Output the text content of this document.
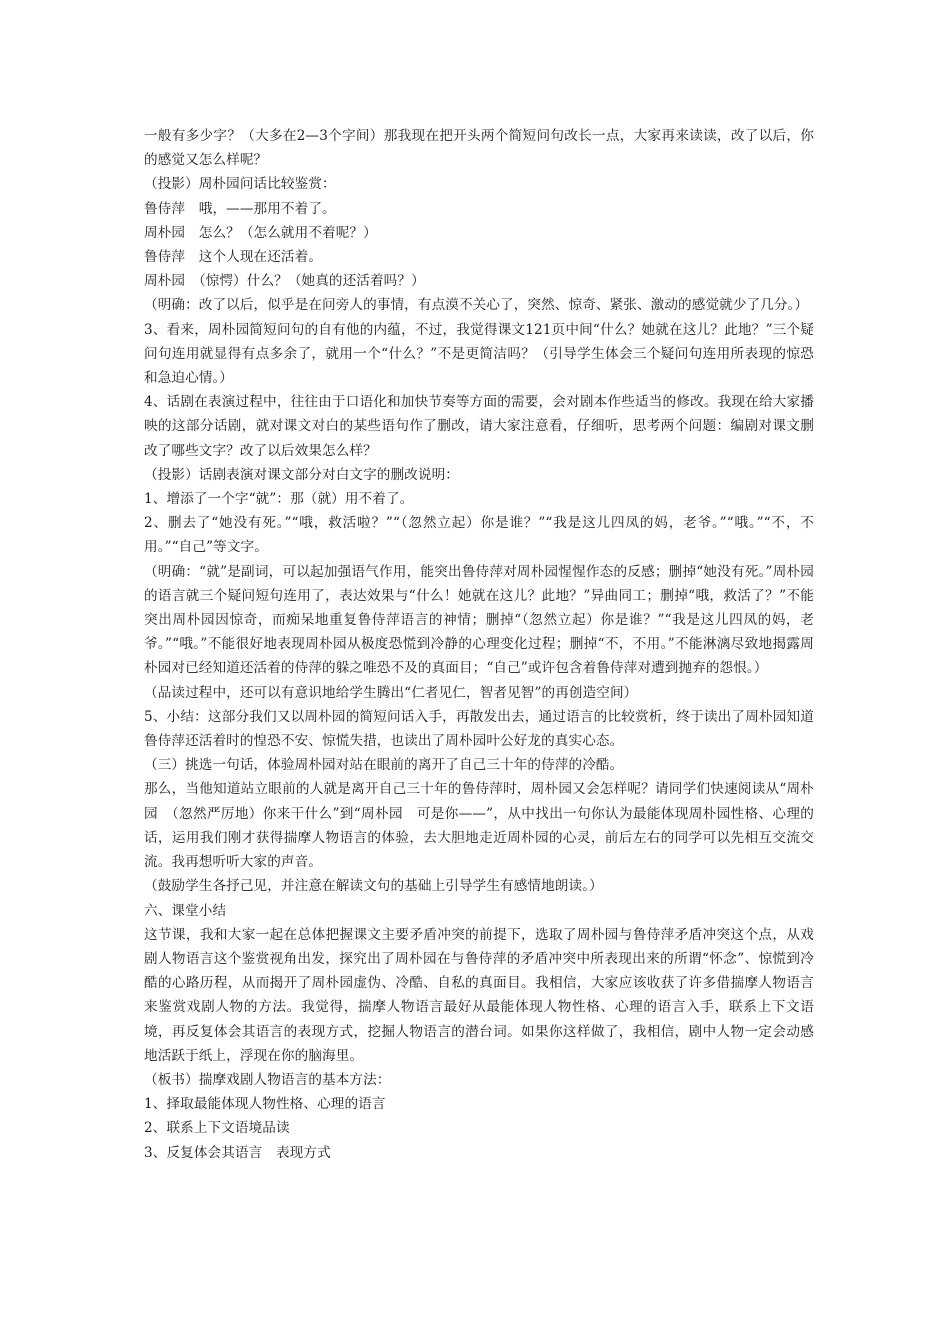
一般有多少字？（大多在2—3个字间）那我现在把开头两个简短问句改长一点，大家再来读读，改了以后，你的感觉又怎么样呢？

（投影）周朴园问话比较鉴赏：

鲁侍萍　哦，——那用不着了。

周朴园　怎么？（怎么就用不着呢？）

鲁侍萍　这个人现在还活着。

周朴园　（惊愕）什么？（她真的还活着吗？）

（明确：改了以后，似乎是在问旁人的事情，有点漠不关心了，突然、惊奇、紧张、激动的感觉就少了几分。）

3、看来，周朴园简短问句的自有他的内蕴，不过，我觉得课文121页中间“什么？她就在这儿？此地？”三个疑问句连用就显得有点多余了，就用一个“什么？”不是更简洁吗？（引导学生体会三个疑问句连用所表现的惊恐和急迫心情。）

4、话剧在表演过程中，往往由于口语化和加快节奏等方面的需要，会对剧本作些适当的修改。我现在给大家播映的这部分话剧，就对课文对白的某些语句作了删改，请大家注意看，仔细听，思考两个问题：编剧对课文删改了哪些文字？改了以后效果怎么样？

（投影）话剧表演对课文部分对白文字的删改说明：

1、增添了一个字“就”：那（就）用不着了。

2、删去了“她没有死。”“哦，救活啦？”“（忽然立起）你是谁？”“我是这儿四凤的妈，老爷。”“哦。”“不，不用。”“自己”等文字。

（明确：“就”是副词，可以起加强语气作用，能突出鲁侍萍对周朴园惺惺作态的反感；删掉“她没有死。”周朴园的语言就三个疑问短句连用了，表达效果与“什么！她就在这儿？此地？”异曲同工；删掉“哦，救活了？”不能突出周朴园因惊奇，而痴呆地重复鲁侍萍语言的神情；删掉“（忽然立起）你是谁？”“我是这儿四凤的妈，老爷。”“哦。”不能很好地表现周朴园从极度恐慌到冷静的心理变化过程；删掉“不，不用。”不能淋漓尽致地揭露周朴园对已经知道还活着的侍萍的躲之唯恐不及的真面目；“自己”或许包含着鲁侍萍对遭到抛弃的怨恨。）

（品读过程中，还可以有意识地给学生腾出“仁者见仁，智者见智”的再创造空间）

5、小结：这部分我们又以周朴园的简短问话入手，再散发出去，通过语言的比较赏析，终于读出了周朴园知道鲁侍萍还活着时的惶恐不安、惊慌失措，也读出了周朴园叶公好龙的真实心态。

（三）挑选一句话，体验周朴园对站在眼前的离开了自己三十年的侍萍的冷酷。

那么，当他知道站立眼前的人就是离开自己三十年的鲁侍萍时，周朴园又会怎样呢？请同学们快速阅读从“周朴园　（忽然严厉地）你来干什么”到“周朴园　可是你——”，从中找出一句你认为最能体现周朴园性格、心理的话，运用我们刚才获得揣摩人物语言的体验，去大胆地走近周朴园的心灵，前后左右的同学可以先相互交流交流。我再想听听大家的声音。

（鼓励学生各抒己见，并注意在解读文句的基础上引导学生有感情地朗读。）

六、课堂小结

这节课，我和大家一起在总体把握课文主要矛盾冲突的前提下，选取了周朴园与鲁侍萍矛盾冲突这个点，从戏剧人物语言这个鉴赏视角出发，探究出了周朴园在与鲁侍萍的矛盾冲突中所表现出来的所谓“怀念”、惊慌到冷酷的心路历程，从而揭开了周朴园虚伪、冷酷、自私的真面目。我相信，大家应该收获了许多借揣摩人物语言来鉴赏戏剧人物的方法。我觉得，揣摩人物语言最好从最能体现人物性格、心理的语言入手，联系上下文语境，再反复体会其语言的表现方式，挖掘人物语言的潜台词。如果你这样做了，我相信，剧中人物一定会动感地活跃于纸上，浮现在你的脑海里。

（板书）揣摩戏剧人物语言的基本方法：

1、择取最能体现人物性格、心理的语言

2、联系上下文语境品读

3、反复体会其语言　表现方式
